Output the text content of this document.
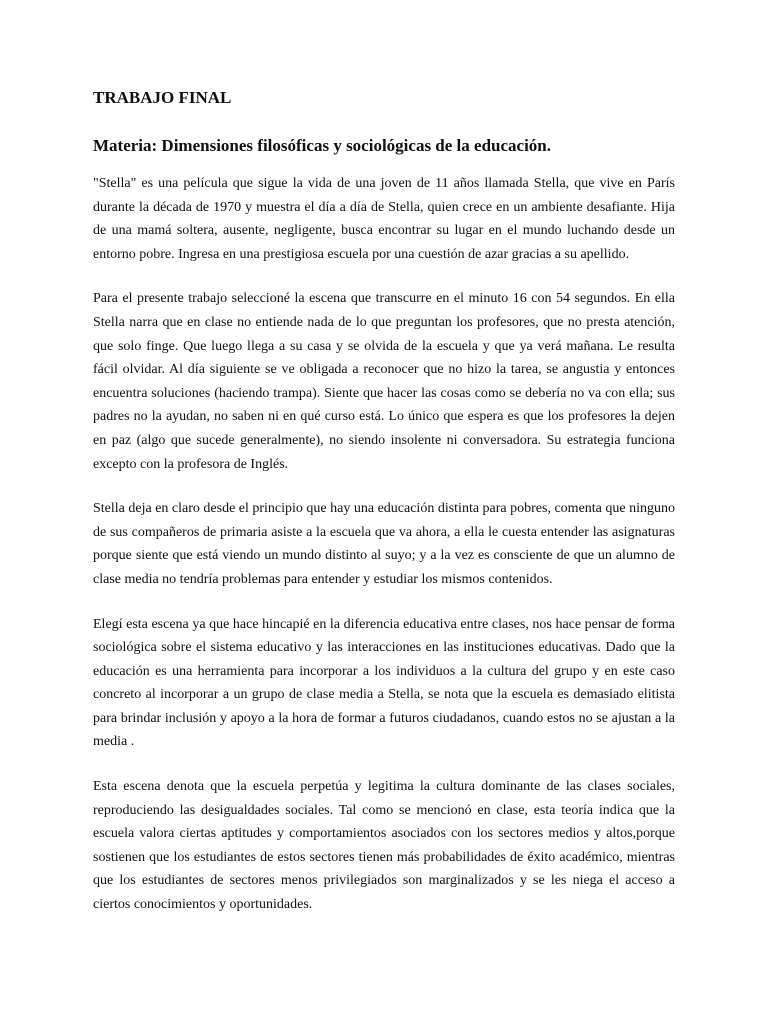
TRABAJO FINAL
Materia: Dimensiones filosóficas y sociológicas de la educación.

"Stella" es una película que sigue la vida de una joven de 11 años llamada Stella, que vive en París durante la década de 1970 y muestra el día a día de Stella, quien crece en un ambiente desafiante. Hija de una mamá soltera, ausente, negligente, busca encontrar su lugar en el mundo luchando desde un entorno pobre. Ingresa en una prestigiosa escuela por una cuestión de azar gracias a su apellido.

Para el presente trabajo seleccioné la escena que transcurre en el minuto 16 con 54 segundos. En ella Stella narra que en clase no entiende nada de lo que preguntan los profesores, que no presta atención, que solo finge. Que luego llega a su casa y se olvida de la escuela y que ya verá mañana. Le resulta fácil olvidar. Al día siguiente se ve obligada a reconocer que no hizo la tarea, se angustia y entonces encuentra soluciones (haciendo trampa). Siente que hacer las cosas como se debería no va con ella; sus padres no la ayudan, no saben ni en qué curso está. Lo único que espera es que los profesores la dejen en paz (algo que sucede generalmente), no siendo insolente ni conversadora. Su estrategia funciona excepto con la profesora de Inglés.

Stella deja en claro desde el principio que hay una educación distinta para pobres, comenta que ninguno de sus compañeros de primaria asiste a la escuela que va ahora, a ella le cuesta entender las asignaturas porque siente que está viendo un mundo distinto al suyo; y a la vez es consciente de que un alumno de clase media no tendría problemas para entender y estudiar los mismos contenidos.

Elegí esta escena ya que hace hincapié en la diferencia educativa entre clases, nos hace pensar de forma sociológica sobre el sistema educativo y las interacciones en las instituciones educativas. Dado que la educación es una herramienta para incorporar a los individuos a la cultura del grupo y en este caso concreto al incorporar a un grupo de clase media a Stella, se nota que la escuela es demasiado elitista para brindar inclusión y apoyo a la hora de formar a futuros ciudadanos, cuando estos no se ajustan a la media .

Esta escena denota que la escuela perpetúa y legitima la cultura dominante de las clases sociales, reproduciendo las desigualdades sociales. Tal como se mencionó en clase, esta teoría indica que la escuela valora ciertas aptitudes y comportamientos asociados con los sectores medios y altos,porque sostienen que los estudiantes de estos sectores tienen más probabilidades de éxito académico, mientras que los estudiantes de sectores menos privilegiados son marginalizados y se les niega el acceso a ciertos conocimientos y oportunidades.
